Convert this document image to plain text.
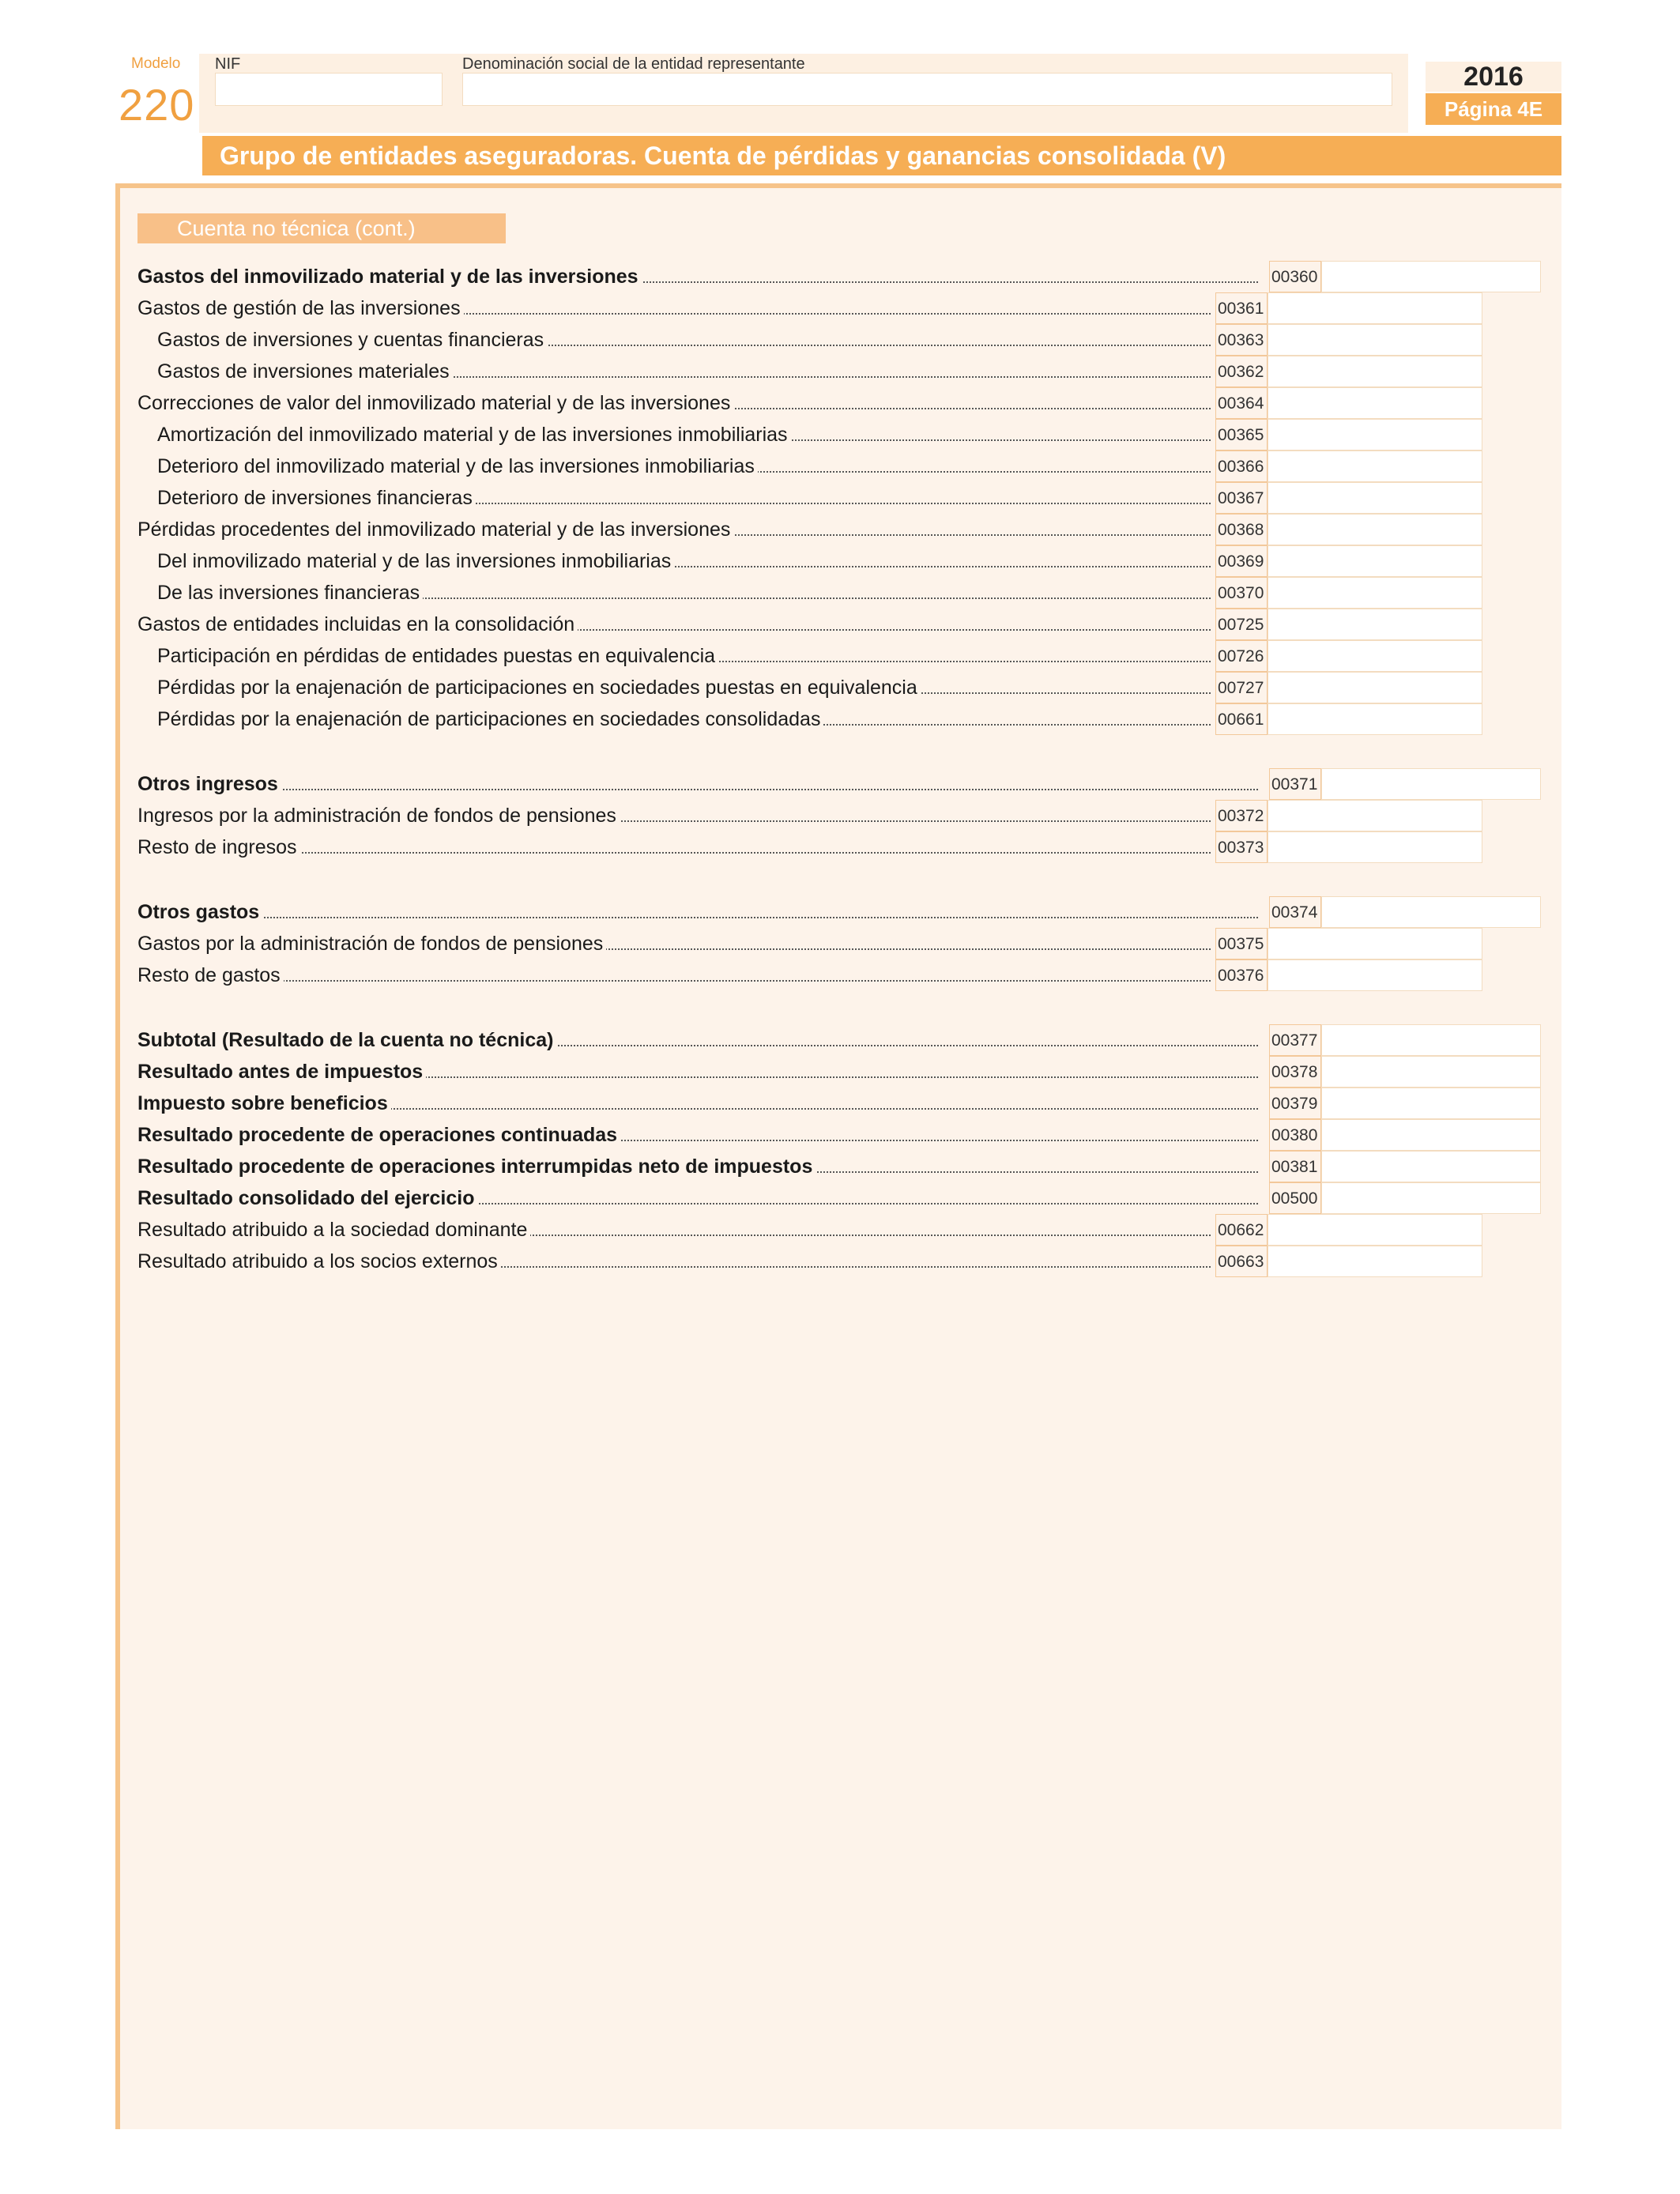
Modelo
220
NIF	Denominación social de la entidad representante	2016
Página 4E
Grupo de entidades aseguradoras. Cuenta de pérdidas y ganancias consolidada (V)
Cuenta no técnica (cont.)
Gastos del inmovilizado material y de las inversiones	00360
Gastos de gestión de las inversiones	00361
Gastos de inversiones y cuentas financieras	00363
Gastos de inversiones materiales	00362
Correcciones de valor del inmovilizado material y de las inversiones	00364
Amortización del inmovilizado material y de las inversiones inmobiliarias	00365
Deterioro del inmovilizado material y de las inversiones inmobiliarias	00366
Deterioro de inversiones financieras	00367
Pérdidas procedentes del inmovilizado material y de las inversiones	00368
Del inmovilizado material y de las inversiones inmobiliarias	00369
De las inversiones financieras	00370
Gastos de entidades incluidas en la consolidación	00725
Participación en pérdidas de entidades puestas en equivalencia	00726
Pérdidas por la enajenación de participaciones en sociedades puestas en equivalencia	00727
Pérdidas por la enajenación de participaciones en sociedades consolidadas	00661
Otros ingresos	00371
Ingresos por la administración de fondos de pensiones	00372
Resto de ingresos	00373
Otros gastos	00374
Gastos por la administración de fondos de pensiones	00375
Resto de gastos	00376
Subtotal (Resultado de la cuenta no técnica)	00377
Resultado antes de impuestos	00378
Impuesto sobre beneficios	00379
Resultado procedente de operaciones continuadas	00380
Resultado procedente de operaciones interrumpidas neto de impuestos	00381
Resultado consolidado del ejercicio	00500
Resultado atribuido a la sociedad dominante	00662
Resultado atribuido a los socios externos	00663
